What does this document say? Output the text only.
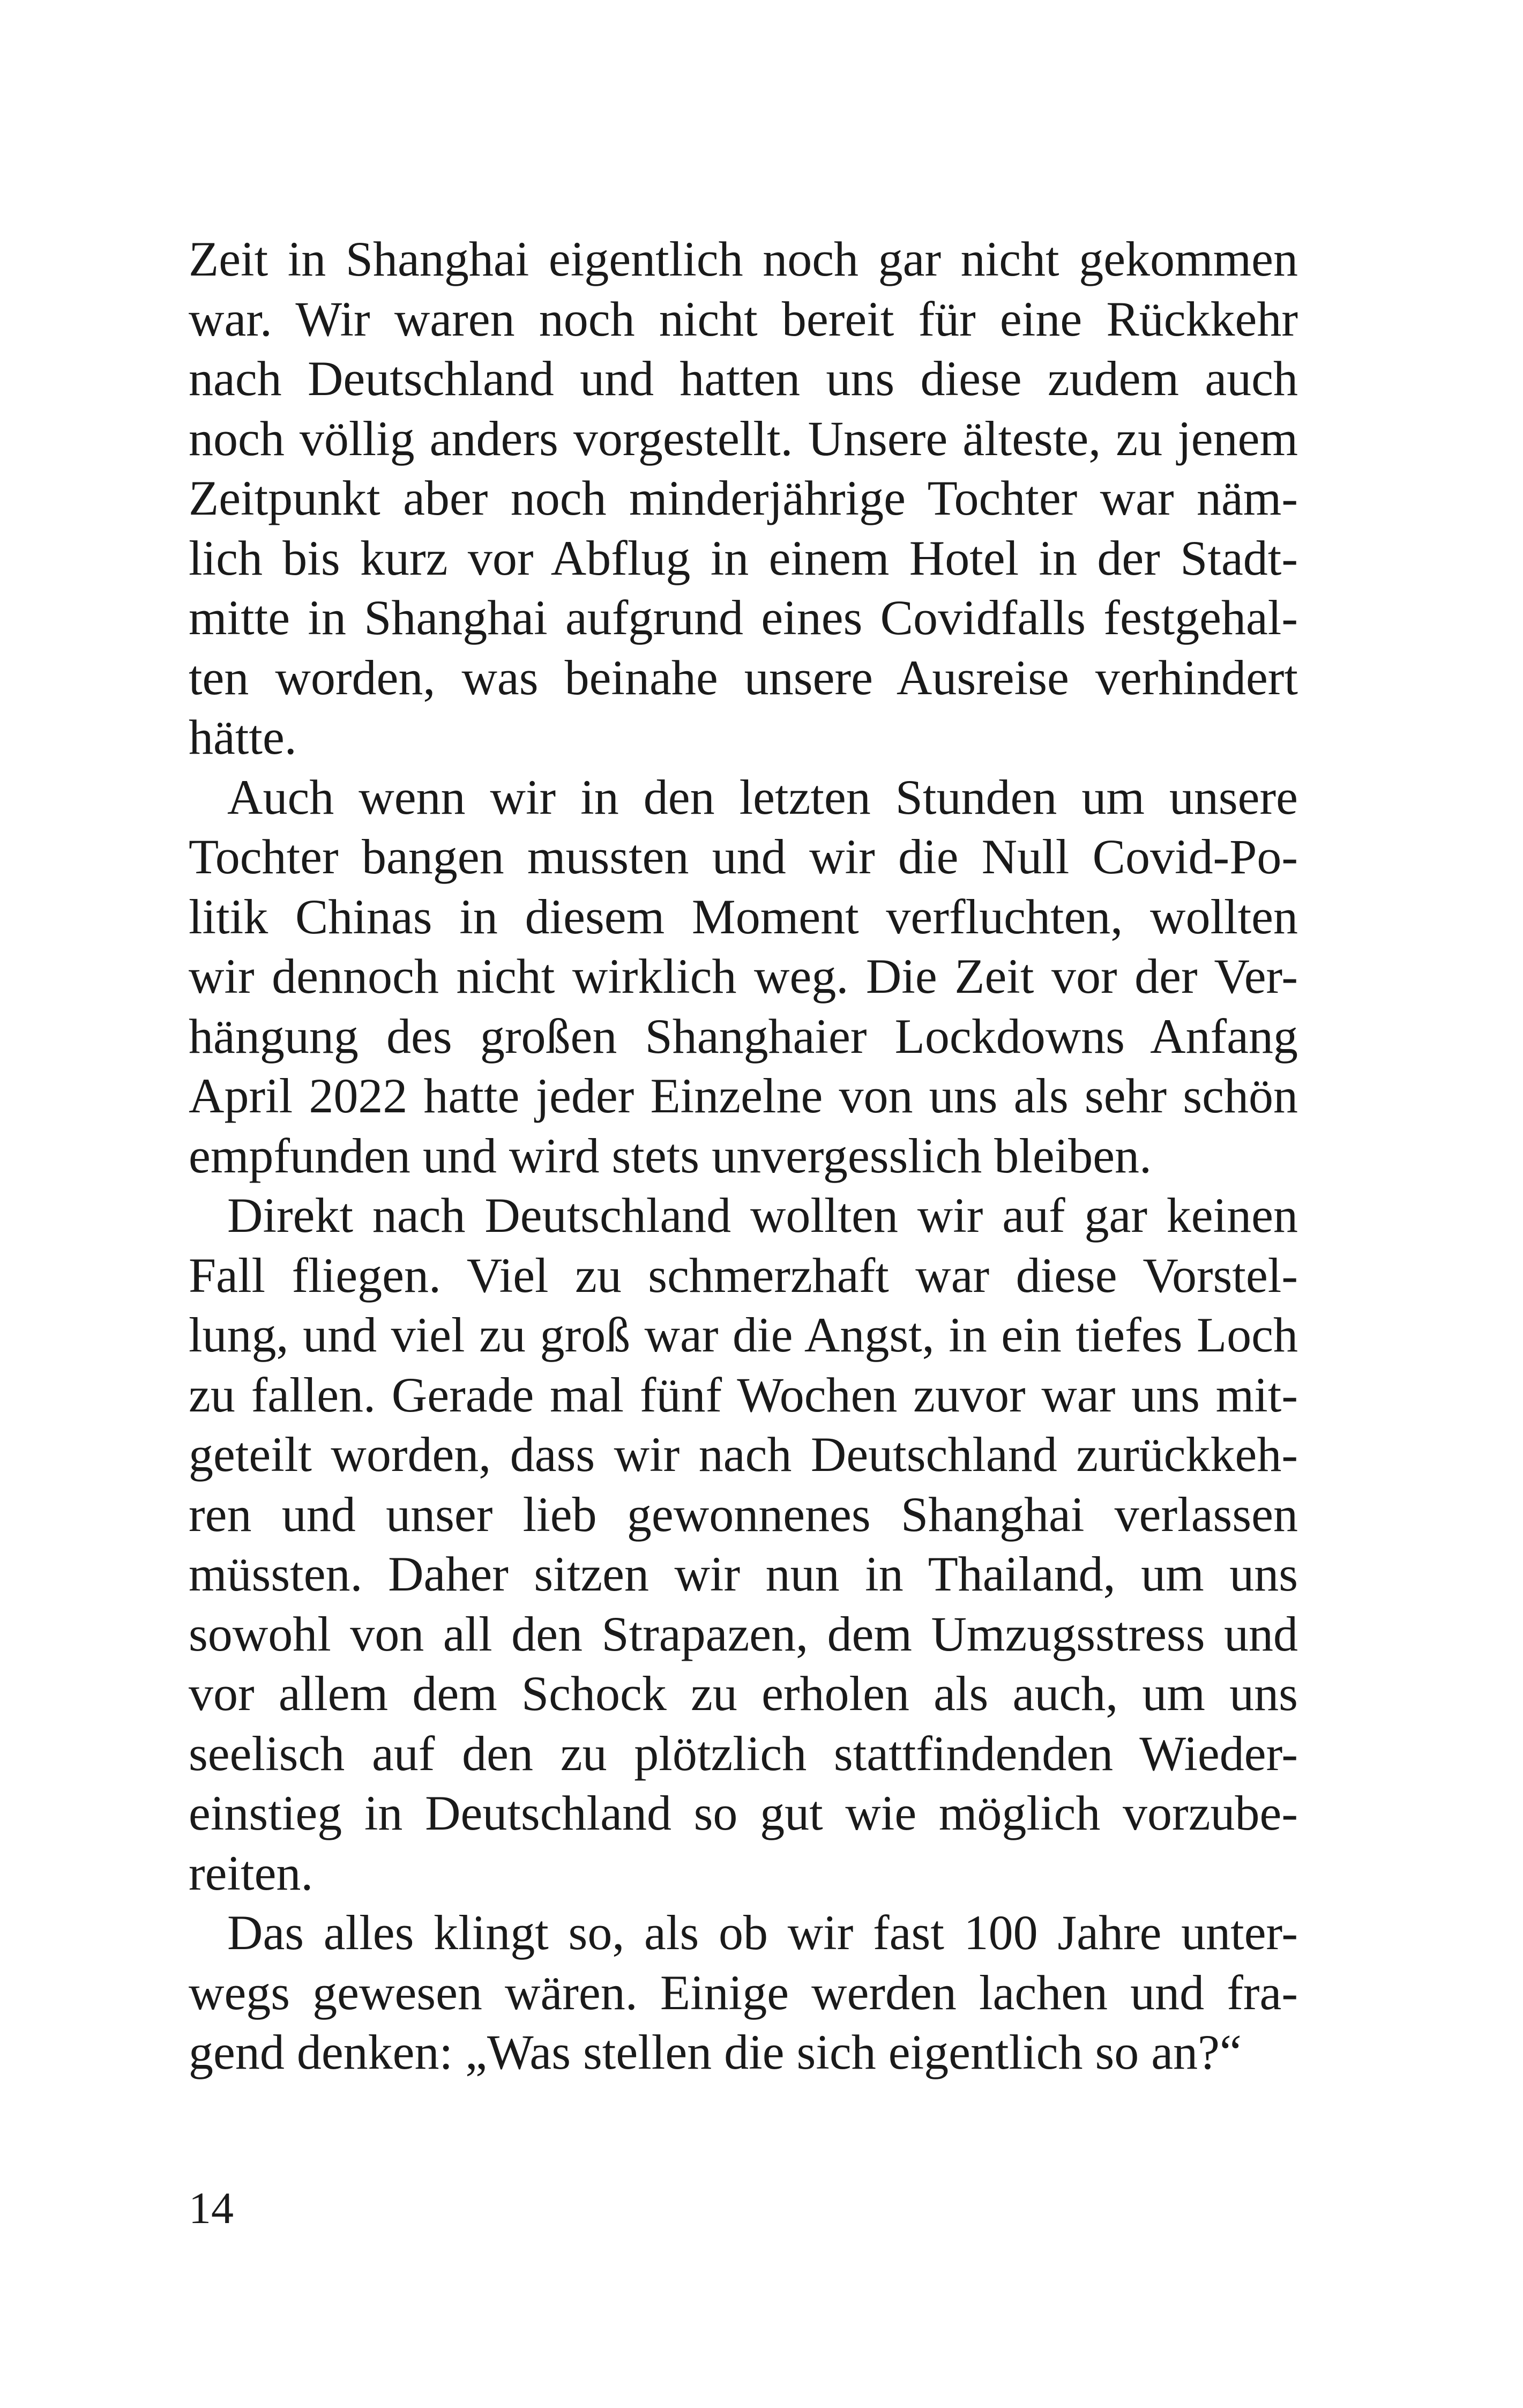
Zeit in Shanghai eigentlich noch gar nicht gekommen
war. Wir waren noch nicht bereit für eine Rückkehr
nach Deutschland und hatten uns diese zudem auch
noch völlig anders vorgestellt. Unsere älteste, zu jenem
Zeitpunkt aber noch minderjährige Tochter war näm-
lich bis kurz vor Abflug in einem Hotel in der Stadt-
mitte in Shanghai aufgrund eines Covidfalls festgehal-
ten worden, was beinahe unsere Ausreise verhindert
hätte.
Auch wenn wir in den letzten Stunden um unsere
Tochter bangen mussten und wir die Null Covid-Po-
litik Chinas in diesem Moment verfluchten, wollten
wir dennoch nicht wirklich weg. Die Zeit vor der Ver-
hängung des großen Shanghaier Lockdowns Anfang
April 2022 hatte jeder Einzelne von uns als sehr schön
empfunden und wird stets unvergesslich bleiben.
Direkt nach Deutschland wollten wir auf gar keinen
Fall fliegen. Viel zu schmerzhaft war diese Vorstel-
lung, und viel zu groß war die Angst, in ein tiefes Loch
zu fallen. Gerade mal fünf Wochen zuvor war uns mit-
geteilt worden, dass wir nach Deutschland zurückkeh-
ren und unser lieb gewonnenes Shanghai verlassen
müssten. Daher sitzen wir nun in Thailand, um uns
sowohl von all den Strapazen, dem Umzugsstress und
vor allem dem Schock zu erholen als auch, um uns
seelisch auf den zu plötzlich stattfindenden Wieder-
einstieg in Deutschland so gut wie möglich vorzube-
reiten.
Das alles klingt so, als ob wir fast 100 Jahre unter-
wegs gewesen wären. Einige werden lachen und fra-
gend denken: „Was stellen die sich eigentlich so an?“
14
